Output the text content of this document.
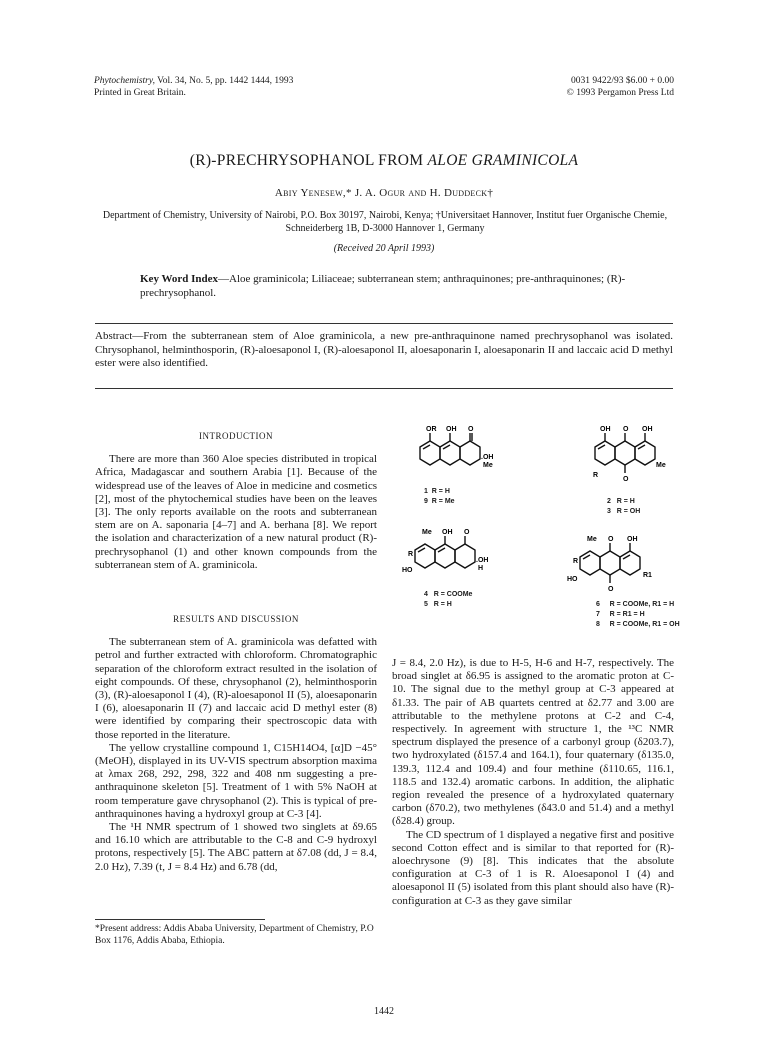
Phytochemistry, Vol. 34, No. 5, pp. 1442 1444, 1993
Printed in Great Britain.
0031 9422/93 $6.00 + 0.00
© 1993 Pergamon Press Ltd
(R)-PRECHRYSOPHANOL FROM ALOE GRAMINICOLA
Abiy Yenesew,* J. A. Ogur and H. Duddeck†
Department of Chemistry, University of Nairobi, P.O. Box 30197, Nairobi, Kenya; †Universitaet Hannover, Institut fuer Organische Chemie, Schneiderberg 1B, D-3000 Hannover 1, Germany
(Received 20 April 1993)
Key Word Index—Aloe graminicola; Liliaceae; subterranean stem; anthraquinones; pre-anthraquinones; (R)-prechrysophanol.
Abstract—From the subterranean stem of Aloe graminicola, a new pre-anthraquinone named prechrysophanol was isolated. Chrysophanol, helminthosporin, (R)-aloesaponol I, (R)-aloesaponol II, aloesaponarin I, aloesaponarin II and laccaic acid D methyl ester were also identified.
INTRODUCTION

There are more than 360 Aloe species distributed in tropical Africa, Madagascar and southern Arabia [1]. Because of the widespread use of the leaves of Aloe in medicine and cosmetics [2], most of the phytochemical studies have been on the leaves [3]. The only reports available on the roots and subterranean stem are on A. saponaria [4–7] and A. berhana [8]. We report the isolation and characterization of a new natural product (R)-prechrysophanol (1) and other known compounds from the subterranean stem of A. graminicola.

RESULTS AND DISCUSSION

The subterranean stem of A. graminicola was defatted with petrol and further extracted with chloroform. Chromatographic separation of the chloroform extract resulted in the isolation of eight compounds. Of these, chrysophanol (2), helminthosporin (3), (R)-aloesaponol I (4), (R)-aloesaponol II (5), aloesaponarin I (6), aloesaponarin II (7) and laccaic acid D methyl ester (8) were identified by comparing their spectroscopic data with those reported in the literature.

The yellow crystalline compound 1, C15H14O4, [α]D −45° (MeOH), displayed in its UV-VIS spectrum absorption maxima at λmax 268, 292, 298, 322 and 408 nm suggesting a pre-anthraquinone skeleton [5]. Treatment of 1 with 5% NaOH at room temperature gave chrysophanol (2). This is typical of pre-anthraquinones having a hydroxyl group at C-3 [4].

The ¹H NMR spectrum of 1 showed two singlets at δ9.65 and 16.10 which are attributable to the C-8 and C-9 hydroxyl protons, respectively [5]. The ABC pattern at δ7.08 (dd, J = 8.4, 2.0 Hz), 7.39 (t, J = 8.4 Hz) and 6.78 (dd,

*Present address: Addis Ababa University, Department of Chemistry, P.O Box 1176, Addis Ababa, Ethiopia.

J = 8.4, 2.0 Hz), is due to H-5, H-6 and H-7, respectively. The broad singlet at δ6.95 is assigned to the aromatic proton at C-10. The signal due to the methyl group at C-3 appeared at δ1.33. The pair of AB quartets centred at δ2.77 and 3.00 are attributable to the methylene protons at C-2 and C-4, respectively. In agreement with structure 1, the ¹³C NMR spectrum displayed the presence of a carbonyl group (δ203.7), two hydroxylated (δ157.4 and 164.1), four quaternary (δ135.0, 139.3, 112.4 and 109.4) and four methine (δ110.65, 116.1, 118.5 and 132.4) aromatic carbons. In addition, the aliphatic region revealed the presence of a hydroxylated quaternary carbon (δ70.2), two methylenes (δ43.0 and 51.4) and a methyl (δ28.4) group.

The CD spectrum of 1 displayed a negative first and positive second Cotton effect and is similar to that reported for (R)-aloechrysone (9) [8]. This indicates that the absolute configuration at C-3 of 1 is R. Aloesaponol I (4) and aloesaponol II (5) isolated from this plant should also have (R)-configuration at C-3 as they gave similar

OR OH O
.OH
Me
1  R = H
9  R = Me
OH O OH
Me
R
O
2   R = H
3   R = OH
R
HO
Me OH O
.OH
H
4   R = COOMe
5   R = H
R
HO
Me O OH
R1
O
6     R = COOMe, R1 = H
7     R = R1 = H
8     R = COOMe, R1 = OH
1442
